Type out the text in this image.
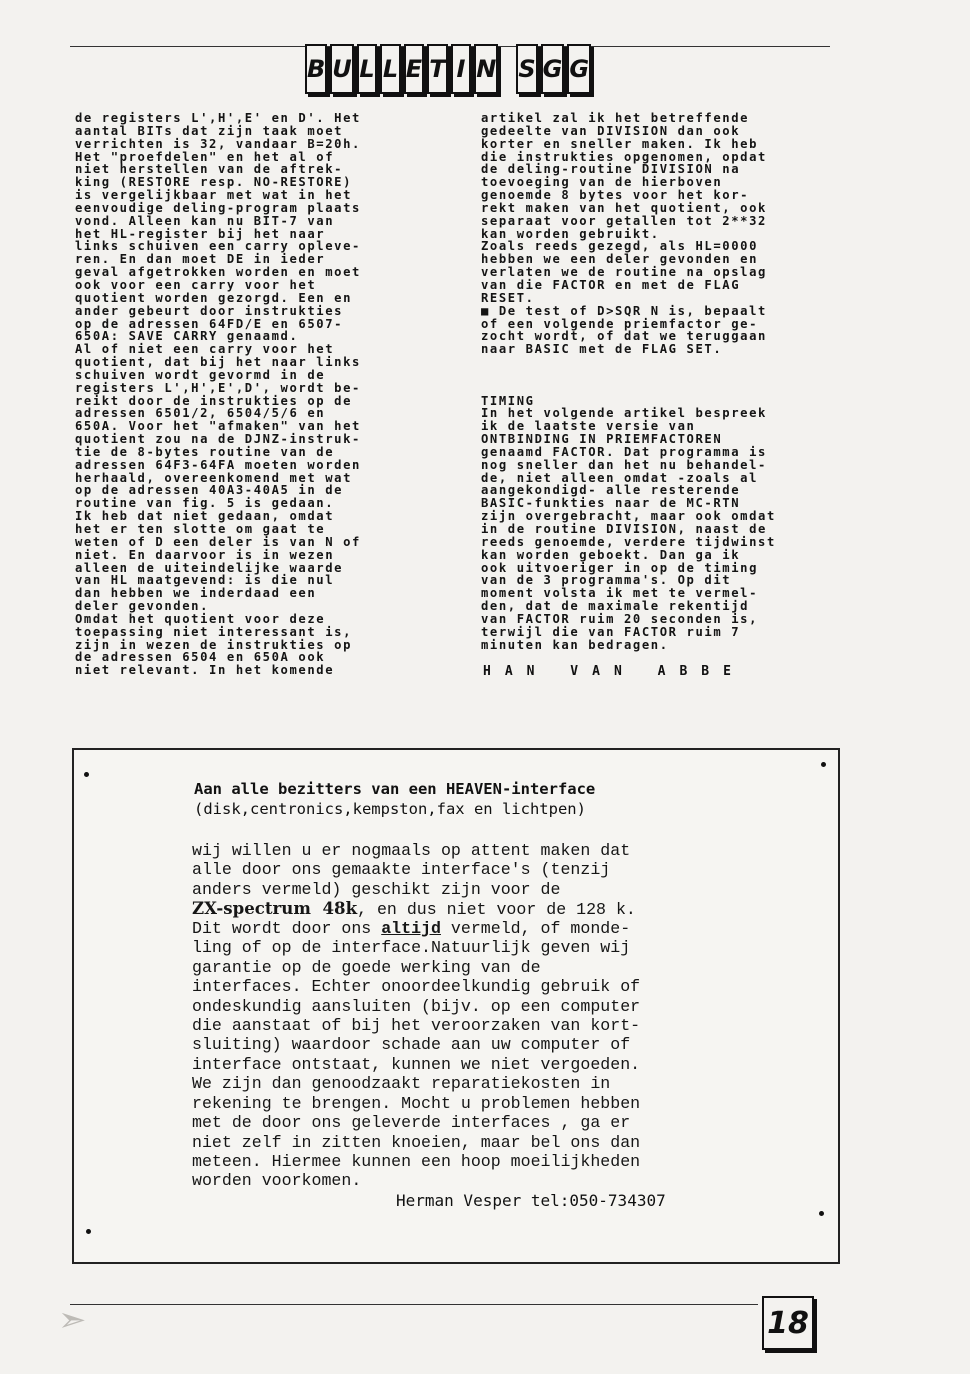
B U L L E T I N S G G

de registers L',H',E' en D'. Het
aantal BITs dat zijn taak moet
verrichten is 32, vandaar B=20h.
Het "proefdelen" en het al of
niet herstellen van de aftrek-
king (RESTORE resp. NO-RESTORE)
is vergelijkbaar met wat in het
eenvoudige deling-program plaats
vond. Alleen kan nu BIT-7 van
het HL-register bij het naar
links schuiven een carry opleve-
ren. En dan moet DE in ieder
geval afgetrokken worden en moet
ook voor een carry voor het
quotient worden gezorgd. Een en
ander gebeurt door instrukties
op de adressen 64FD/E en 6507-
650A: SAVE CARRY genaamd.
Al of niet een carry voor het
quotient, dat bij het naar links
schuiven wordt gevormd in de
registers L',H',E',D', wordt be-
reikt door de instrukties op de
adressen 6501/2, 6504/5/6 en
650A. Voor het "afmaken" van het
quotient zou na de DJNZ-instruk-
tie de 8-bytes routine van de
adressen 64F3-64FA moeten worden
herhaald, overeenkomend met wat
op de adressen 40A3-40A5 in de
routine van fig. 5 is gedaan.
Ik heb dat niet gedaan, omdat
het er ten slotte om gaat te
weten of D een deler is van N of
niet. En daarvoor is in wezen
alleen de uiteindelijke waarde
van HL maatgevend: is die nul
dan hebben we inderdaad een
deler gevonden.
Omdat het quotient voor deze
toepassing niet interessant is,
zijn in wezen de instrukties op
de adressen 6504 en 650A ook
niet relevant. In het komende
artikel zal ik het betreffende
gedeelte van DIVISION dan ook
korter en sneller maken. Ik heb
die instrukties opgenomen, opdat
de deling-routine DIVISION na
toevoeging van de hierboven
genoemde 8 bytes voor het kor-
rekt maken van het quotient, ook
separaat voor getallen tot 2**32
kan worden gebruikt.
Zoals reeds gezegd, als HL=0000
hebben we een deler gevonden en
verlaten we de routine na opslag
van die FACTOR en met de FLAG
RESET.
■ De test of D>SQR N is, bepaalt
of een volgende priemfactor ge-
zocht wordt, of dat we teruggaan
naar BASIC met de FLAG SET.
TIMING
In het volgende artikel bespreek
ik de laatste versie van
ONTBINDING IN PRIEMFACTOREN
genaamd FACTOR. Dat programma is
nog sneller dan het nu behandel-
de, niet alleen omdat -zoals al
aangekondigd- alle resterende
BASIC-funkties naar de MC-RTN
zijn overgebracht, maar ook omdat
in de routine DIVISION, naast de
reeds genoemde, verdere tijdwinst
kan worden geboekt. Dan ga ik
ook uitvoeriger in op de timing
van de 3 programma's. Op dit
moment volsta ik met te vermel-
den, dat de maximale rekentijd
van FACTOR ruim 20 seconden is,
terwijl die van FACTOR ruim 7
minuten kan bedragen.
HAN VAN ABBE
Aan alle bezitters van een HEAVEN-interface
(disk,centronics,kempston,fax en lichtpen)
wij willen u er nogmaals op attent maken dat
alle door ons gemaakte interface's (tenzij
anders vermeld) geschikt zijn voor de
ZX-spectrum  48k, en dus niet voor de 128 k.
Dit wordt door ons altijd vermeld, of monde-
ling of op de interface.Natuurlijk geven wij
garantie op de goede werking van de
interfaces. Echter onoordeelkundig gebruik of
ondeskundig aansluiten (bijv. op een computer
die aanstaat of bij het veroorzaken van kort-
sluiting) waardoor schade aan uw computer of
interface ontstaat, kunnen we niet vergoeden.
We zijn dan genoodzaakt reparatiekosten in
rekening te brengen. Mocht u problemen hebben
met de door ons geleverde interfaces , ga er
niet zelf in zitten knoeien, maar bel ons dan
meteen. Hiermee kunnen een hoop moeilijkheden
worden voorkomen.
Herman Vesper tel:050-734307
➣	18
